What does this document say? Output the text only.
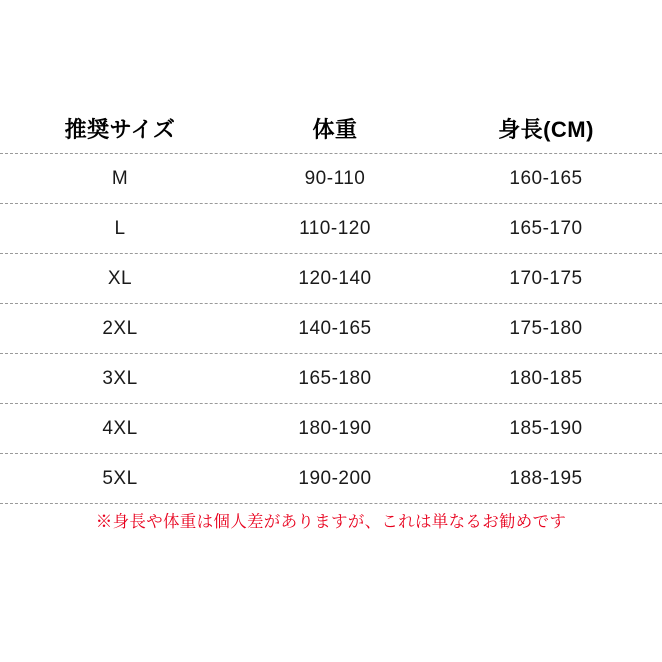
推奨サイズ	体重	身長(CM)
M	90-110	160-165
L	110-120	165-170
XL	120-140	170-175
2XL	140-165	175-180
3XL	165-180	180-185
4XL	180-190	185-190
5XL	190-200	188-195
※身長や体重は個人差がありますが、これは単なるお勧めです
